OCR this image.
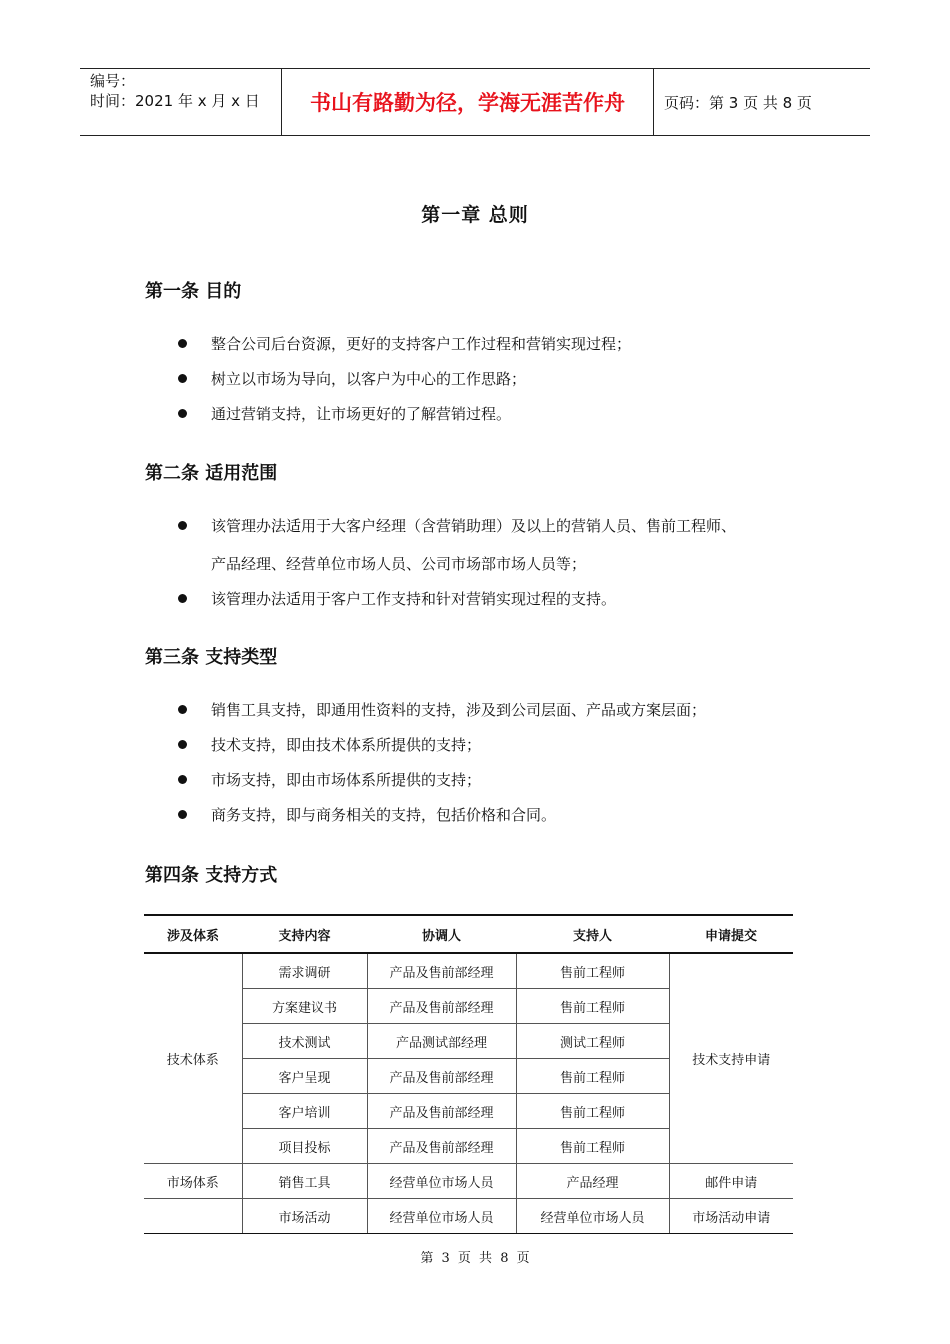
编号：
时间：2021 年 x 月 x 日	书山有路勤为径，学海无涯苦作舟	页码：第 3 页 共 8 页
第一章 总则
第一条 目的
整合公司后台资源，更好的支持客户工作过程和营销实现过程；
树立以市场为导向，以客户为中心的工作思路；
通过营销支持，让市场更好的了解营销过程。
第二条 适用范围
该管理办法适用于大客户经理（含营销助理）及以上的营销人员、售前工程师、
产品经理、经营单位市场人员、公司市场部市场人员等；
该管理办法适用于客户工作支持和针对营销实现过程的支持。
第三条 支持类型
销售工具支持，即通用性资料的支持，涉及到公司层面、产品或方案层面；
技术支持，即由技术体系所提供的支持；
市场支持，即由市场体系所提供的支持；
商务支持，即与商务相关的支持，包括价格和合同。
第四条 支持方式
涉及体系	支持内容	协调人	支持人	申请提交
技术体系	需求调研	产品及售前部经理	售前工程师	技术支持申请
	方案建议书	产品及售前部经理	售前工程师	
	技术测试	产品测试部经理	测试工程师	
	客户呈现	产品及售前部经理	售前工程师	
	客户培训	产品及售前部经理	售前工程师	
	项目投标	产品及售前部经理	售前工程师	
市场体系	销售工具	经营单位市场人员	产品经理	邮件申请
	市场活动	经营单位市场人员	经营单位市场人员	市场活动申请
第 3 页 共 8 页
